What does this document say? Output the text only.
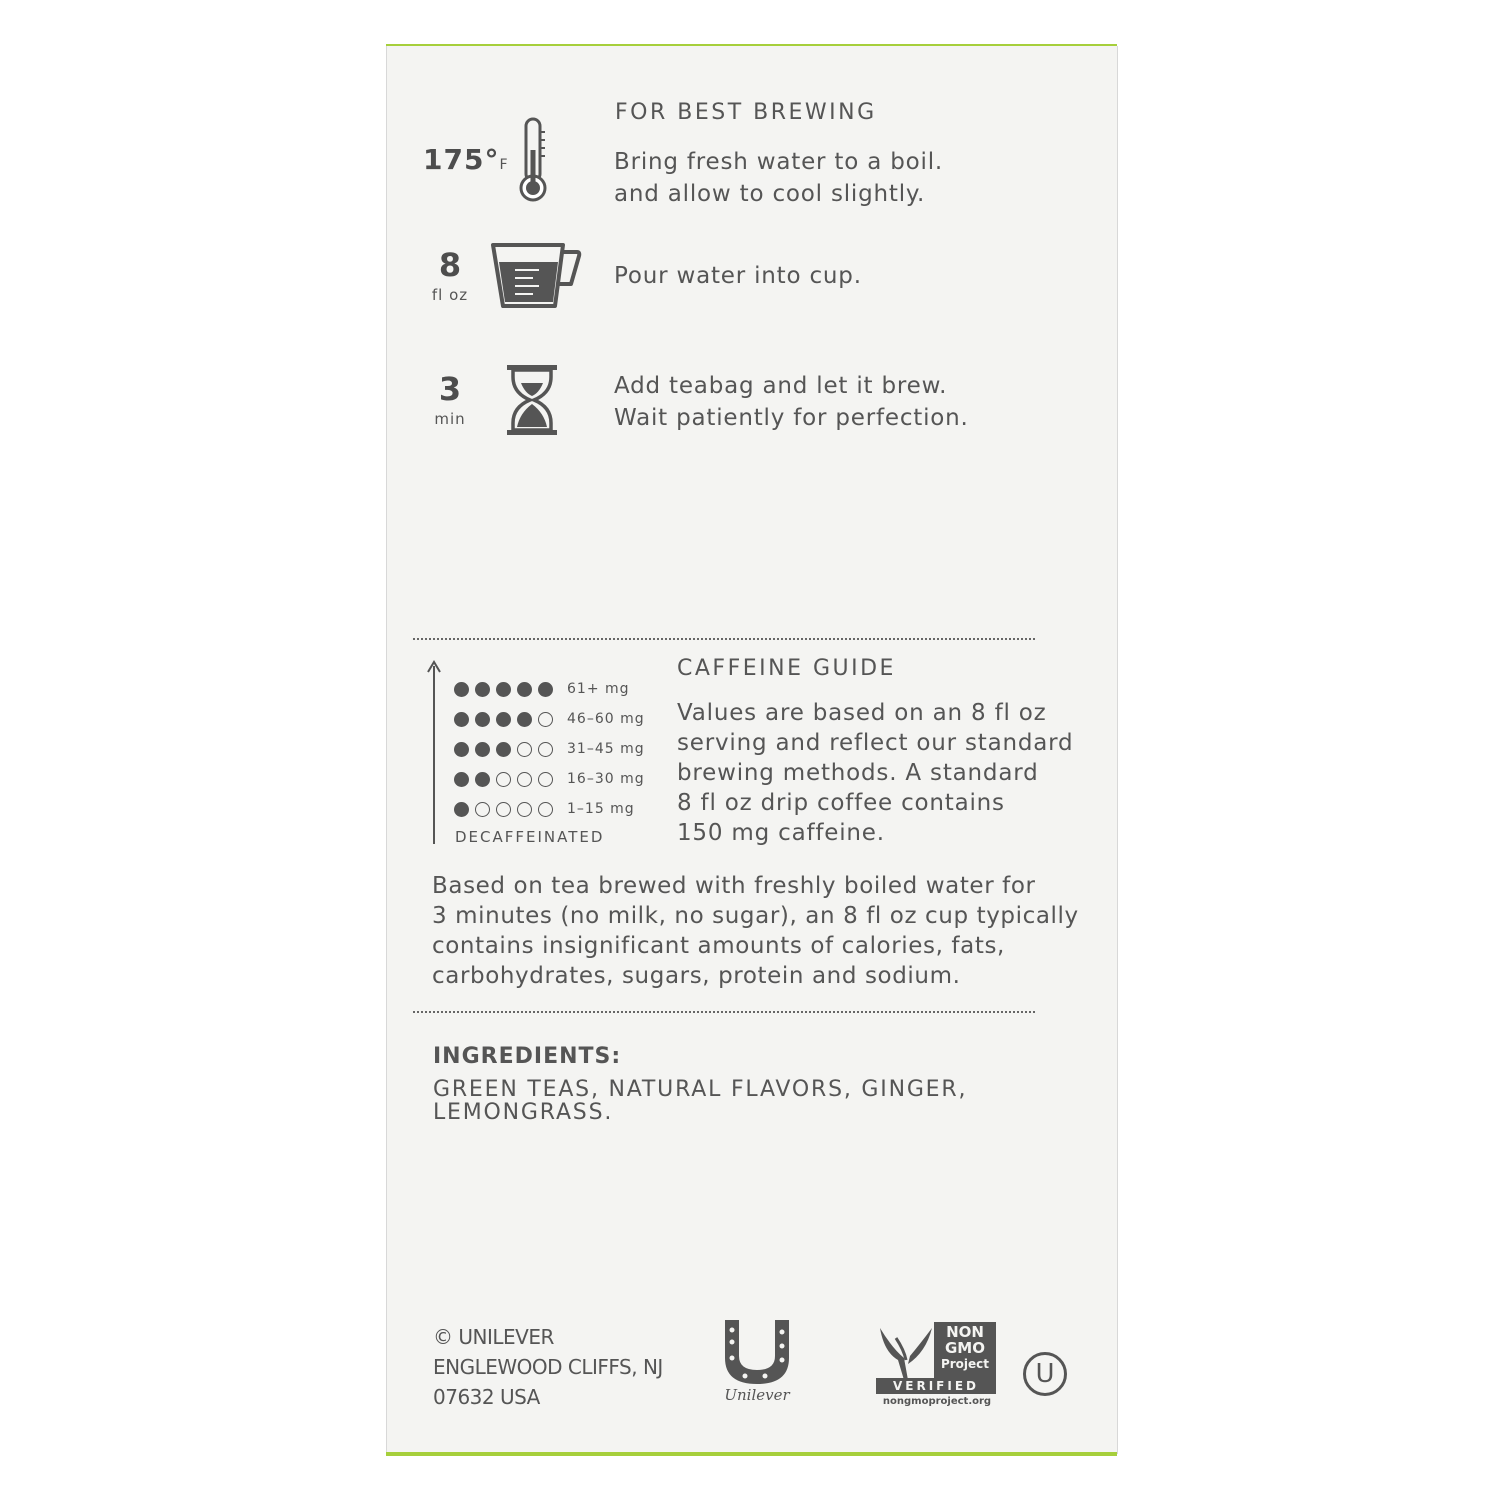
FOR BEST BREWING
175°F	Bring fresh water to a boil.
and allow to cool slightly.
8
fl oz
Pour water into cup.
3
min
Add teabag and let it brew.
Wait patiently for perfection.
61+ mg
46–60 mg
31–45 mg
16–30 mg
1–15 mg
DECAFFEINATED
CAFFEINE GUIDE
Values are based on an 8 fl oz
serving and reflect our standard
brewing methods. A standard
8 fl oz drip coffee contains
150 mg caffeine.
Based on tea brewed with freshly boiled water for
3 minutes (no milk, no sugar), an 8 fl oz cup typically
contains insignificant amounts of calories, fats,
carbohydrates, sugars, protein and sodium.
INGREDIENTS:
GREEN TEAS, NATURAL FLAVORS, GINGER,
LEMONGRASS.
© UNILEVER
ENGLEWOOD CLIFFS, NJ
07632 USA	Unilever
NON
GMO
Project
VERIFIED
nongmoproject.org
U
